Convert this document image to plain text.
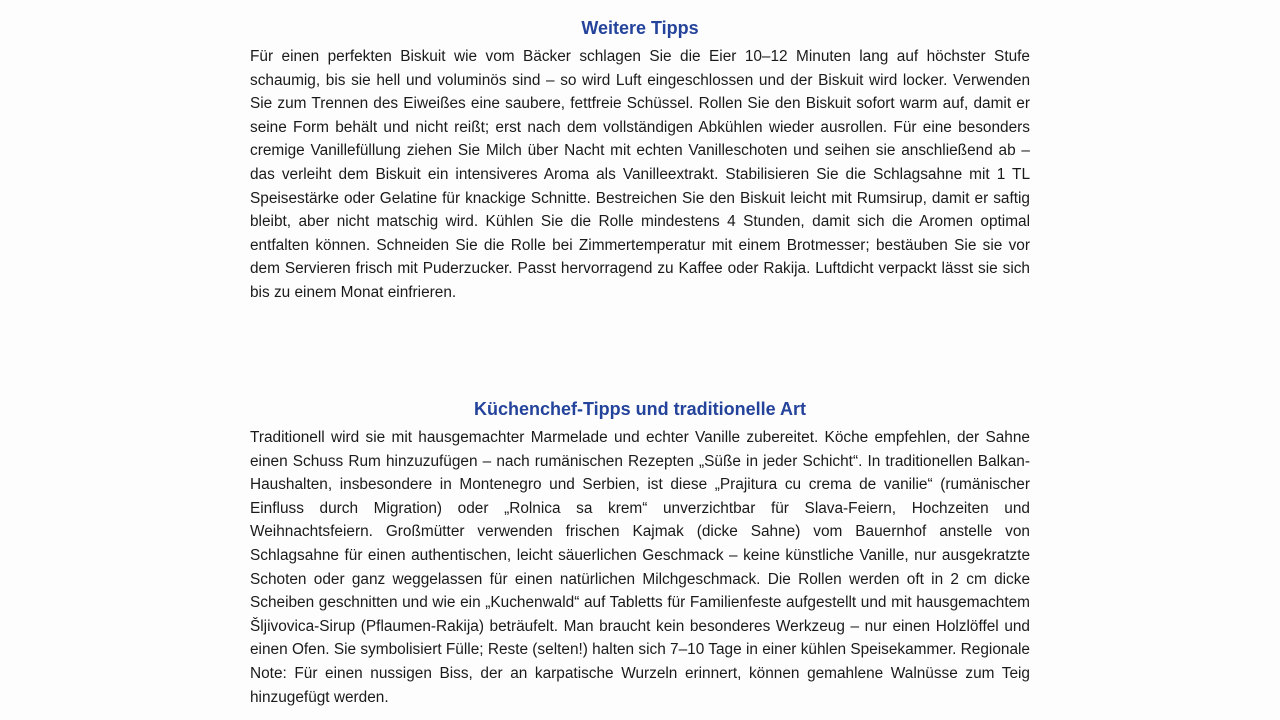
Weitere Tipps

Für einen perfekten Biskuit wie vom Bäcker schlagen Sie die Eier 10–12 Minuten lang auf höchster Stufe schaumig, bis sie hell und voluminös sind – so wird Luft eingeschlossen und der Biskuit wird locker. Verwenden Sie zum Trennen des Eiweißes eine saubere, fettfreie Schüssel. Rollen Sie den Biskuit sofort warm auf, damit er seine Form behält und nicht reißt; erst nach dem vollständigen Abkühlen wieder ausrollen. Für eine besonders cremige Vanillefüllung ziehen Sie Milch über Nacht mit echten Vanilleschoten und seihen sie anschließend ab – das verleiht dem Biskuit ein intensiveres Aroma als Vanilleextrakt. Stabilisieren Sie die Schlagsahne mit 1 TL Speisestärke oder Gelatine für knackige Schnitte. Bestreichen Sie den Biskuit leicht mit Rumsirup, damit er saftig bleibt, aber nicht matschig wird. Kühlen Sie die Rolle mindestens 4 Stunden, damit sich die Aromen optimal entfalten können. Schneiden Sie die Rolle bei Zimmertemperatur mit einem Brotmesser; bestäuben Sie sie vor dem Servieren frisch mit Puderzucker. Passt hervorragend zu Kaffee oder Rakija. Luftdicht verpackt lässt sie sich bis zu einem Monat einfrieren.

Küchenchef-Tipps und traditionelle Art

Traditionell wird sie mit hausgemachter Marmelade und echter Vanille zubereitet. Köche empfehlen, der Sahne einen Schuss Rum hinzuzufügen – nach rumänischen Rezepten „Süße in jeder Schicht“. In traditionellen Balkan-Haushalten, insbesondere in Montenegro und Serbien, ist diese „Prajitura cu crema de vanilie“ (rumänischer Einfluss durch Migration) oder „Rolnica sa krem“ unverzichtbar für Slava-Feiern, Hochzeiten und Weihnachtsfeiern. Großmütter verwenden frischen Kajmak (dicke Sahne) vom Bauernhof anstelle von Schlagsahne für einen authentischen, leicht säuerlichen Geschmack – keine künstliche Vanille, nur ausgekratzte Schoten oder ganz weggelassen für einen natürlichen Milchgeschmack. Die Rollen werden oft in 2 cm dicke Scheiben geschnitten und wie ein „Kuchenwald“ auf Tabletts für Familienfeste aufgestellt und mit hausgemachtem Šljivovica-Sirup (Pflaumen-Rakija) beträufelt. Man braucht kein besonderes Werkzeug – nur einen Holzlöffel und einen Ofen. Sie symbolisiert Fülle; Reste (selten!) halten sich 7–10 Tage in einer kühlen Speisekammer. Regionale Note: Für einen nussigen Biss, der an karpatische Wurzeln erinnert, können gemahlene Walnüsse zum Teig hinzugefügt werden.
